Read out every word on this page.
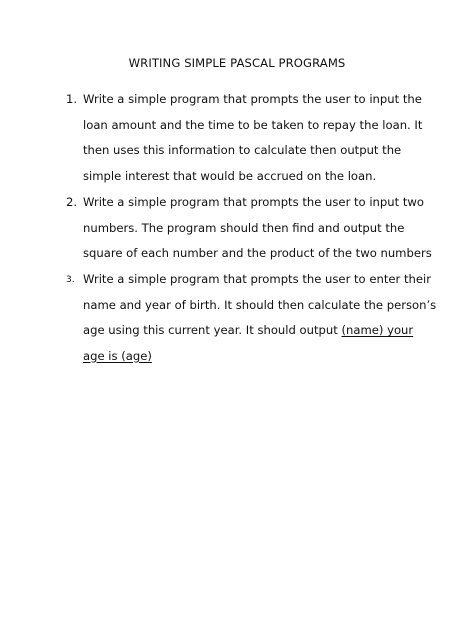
WRITING SIMPLE PASCAL PROGRAMS
1. Write a simple program that prompts the user to input the
loan amount and the time to be taken to repay the loan. It
then uses this information to calculate then output the
simple interest that would be accrued on the loan.
2. Write a simple program that prompts the user to input two
numbers. The program should then find and output the
square of each number and the product of the two numbers
3. Write a simple program that prompts the user to enter their
name and year of birth. It should then calculate the person’s
age using this current year. It should output (name) your
age is (age)
